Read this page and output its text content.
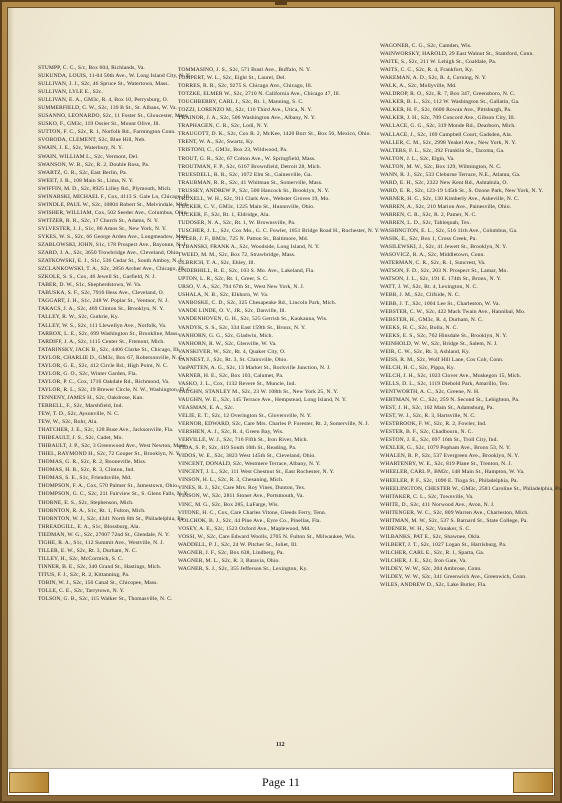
STUMPP, C. C., S/c, Box 604, Richlands, Va.
SUKUNDA, LOUIS, 11-04 50th Ave., W. Long Island City, N. Y.
SULLIVAN, J. J., S2c, 46 Spruce St., Watertown, Mass.
SULLIVAN, LYLE E., S2c.
SULLIVAN, E. A., GM3c, R. 4, Box 10, Perrysburg, O.
SUMMERFIELD, C. W., S2c, 139 B St., St. Albans, W. Va.
SUSANNO, LEONARDO, S2c, 11 Foster St., Gloucester, Mass.
SUSKO, F., GM3c, 119 Ossier St., Mount Olive, Ill.
SUTTON, F. C., S2c, R. 1, Norfolk Rd., Farmington Conn.
SVOBODA, CLEMENT, S2c, Blue Hill, Neb.
SWAIN, J. E., S2c, Waterbury, N. Y.
SWAIN, WILLIAM L., S2c, Vermont, Del.
SWANSON, W. B., S2c, R. 2, Double Ross, Pa.
SWARTZ, G. R., S2c, East Berlin, Pa.
SWEET, J. R., 108 Main St., Lima, N. Y.
SWIFFIN, M. D., S2c, 8925 Lilley Rd., Plymouth, Mich.
SWINARSKI, MICHAEL F., Cox, 4113 S. Gale Ln, Chicago, Ill.
SWINDLE, PAUL W., S2c, 10804 Robert St., Melvindale, Mich.
SWISHER, WILLIAM, Cox, 502 Seeder Ave., Columbus, Ohio.
SWITZER, R. R., S2c, 17 Church St., Adams, N. Y.
SYLVESTER, J. J., S1c, 86 Amos St., New York, N. Y.
SYKES, W. S., S2c, 66 George Arden Ave., Longmeadow, Mass.
SZABLOWSKI, JOHN, S1c, 178 Prospect Ave., Bayonne, N. J.
SZARD, J. A., S2c, 3650 Trowbridge Ave., Cleveland, Ohio.
SZATKOWSKI, E. J., S1c, 536 Cedar St., South Amboy, N. J.
SZCLANKOWSKI, T. A., S2c, 2856 Archer Ave., Chicago, Ill.
SZKOLE, S. S., Cox, 46 Jewell St., Garfield, N. J.
TABER, D. W., S1c, Shepherdstown, W. Va.
TABUSKA, S. F., S2c, 7916 Hess Ave., Cleveland, O.
TAGGART, J. H., S1c, 248 W. Poplar St., Ventnor, N. J.
TAKACS, J. A., S2c, 469 Clinton St., Brooklyn, N. Y.
TALLEY, R. W., S2c, Guthrie, Ky.
TALLEY, W. S., S2c, 111 Llewellyn Ave., Norfolk, Va.
TARBOX, L. E., S2c, 699 Washington St., Brookline, Mass.
TARDIFF, J. A., S2c, 1115 Center St., Fremont, Mich.
TATARINSKY, JACK B., S2c, 4406 Clarke St., Chicago, Ill.
TAYLOR, CHARLIE D., GM3c, Box 67, Robersonville, N. C.
TAYLOR, G. E., S2c, 412 Circle Rd., High Point, N. C.
TAYLOR, G. O., S2c, Winter Garden, Fla.
TAYLOR, P. C., Cox, 1716 Oakdale Rd., Richmond, Va.
TAYLOR, R. L., S2c, 19 Brewer Circle, N. W., Washington, D. C.
TENNENY, JAMES H., S2c, Oakdrose, Kan.
TERRELL, F., S2c, Marshfield, Ind.
TEW, T. D., S2c, Aysonville, N. C.
TEW, W., S2c, Rohr, Ala.
THATCHER, J. E., S2c, 128 Buse Ave., Jacksonville, Fla.
THIBEAULT, J. S., S2c, Cadet, Mo.
THIBAULT, J. P., S2c, 3 Greenwood Ave., West Newton, Mass.
THIEL, RAYMOND H., S2c, 72 Cooper St., Brooklyn, N. Y.
THOMAS, G. R., S2c, R. 2, Booneville, Miss.
THOMAS, H. B., S2c, R. 3, Clinton, Ind.
THOMAS, S. E., S1c, Friendsville, Md.
THOMPSON, F. A., Cox, 570 Palmer St., Jamestown, Ohio.
THOMPSON, G. C., S2c, 211 Fairview St., S. Glens Falls, N. Y.
THORNE, E. S., S2c, Stephenson, Mich.
THORNTON, R. A., S1c, Rt. 1, Fulton, Mich.
THORNTON, W. J., S2c, 4341 North 8th St., Philadelphia, Pa.
THREADGILL, E. A., S1c, Blossburg, Ala.
TIEDMAN, W. G., S2c, 27007 72nd St., Glendale, N. Y.
TIGHE, R. A., S1c, 112 Summit Ave., Westville, N. J.
TILLER, E. W., S2c, Rt. 3, Durham, N. C.
TILLEY, H., S2c, McCormick, S. C.
TINNER, B. E., S2c, 340 Grand St., Hastings, Mich.
TITUS, F. J., S2c, R. 2, Kittanning, Pa.
TOBIN, W. J., S2c, 156 Canal St., Chicopee, Mass.
TOLLE, C. E., S2c, Tarrytown, N. Y.
TOLSON, G. B., S2c, 115 Walker St., Thomasville, N. C.
TOMMASINO, J. S., S2c, 571 Busti Ave., Buffalo, N. Y.
TOMPERT, W. L., S2c, Eight St., Laurel, Del.
TORRES, R. R., S2c, 9275 S. Chicago Ave., Chicago, Ill.
TOTZKE, ELMER W., S2c, 2710 N. California Ave., Chicago 47, Ill.
TOUCHBERRY, CARL J., S2c, Rt. 1, Manning, S. C.
TOZZI, LORENZO M., S2c, 116 Third Ave., Utica, N. Y.
TRAINOR, J. A., S2c, 506 Washington Ave., Albany, N. Y.
TRAPHAGEN, C. R., S2c, Lodi, N. Y.
TRAUGOTT, D. K., S2c, Cox R. 2, McKee, 1420 Burr St., Box 56, Mexico, Ohio.
TRENT, W. A., S2c, Swartz, Ky.
TRISTONI, C., GM3c, Box 23, Wildwood, Pa.
TROUT, G. R., S2c, 67 Colton Ave., W. Springfield, Mass.
TROUTMAN, F. P., S2c, 6167 Brownfield, Detroit 28, Mich.
TRUESDELL, R. R., S2c, 1072 Elm St., Gainesville, Ga.
TRAUBMAN, R. R., S2c, 41 Whitman St., Somerville, Mass.
TRUSSEY, ANDREW P., S2c, 500 Hancock St., Brooklyn, N. Y.
TRUXELL, W. H., S2c, 911 Clark Ave., Webster Groves 19, Mo.
TUCKER, C. V., GM3c, 1225 Main St., Hunnnville, Ohio.
TUCKER, F., S2c, Rt. 1, Eldridge, Ala.
TUDOSER, N. A., S2c, Rt. 1, W. Brownsville, Pa.
TUSCHER, J. L., S2c, Cox Mo., G. C. Fowler, 1851 Bridge Road H., Rochester, N. Y.
TYLER, J. F., BM3c, 725 N. Patton St., Baltimore, Md.
TYBANSKI, FRANK A., S2c, Woodside, Long Island, N. Y.
TWEED, M. M., S2c, Box 72, Strawbridge, Mass.
ULBRICH, T. A., S2c, Ehley, Ill.
UNDERHILL, R. E., S2c, 103 S. Mo. Ave., Lakeland, Fla.
UPTON, L. R., S2c, Rt. 1, Greer, S. C.
URSO, V. A., S2c, 794 67th St., West New York, N. J.
USHALA, N. B., S2c, Elkhorn, W. Va.
VANBOSKE, C. D., S2c, 325 Chesapeake Rd., Lincoln Park, Mich.
VANDE LINDE, O. V., JR., S2c, Danville, Ill.
VANDENHOVEN, G. H., S2c, 525 Gerrish St., Kaukauna, Wis.
VANDYK, S. S., S2c, 334 East 159th St., Bronx, N. Y.
VANHORN, G. G., S2c, Gladwin, Mich.
VANHORN, R. W., S2c, Glenville, W. Va.
VANSKIVER, W., S2c, Rt. 4, Quaker City, O.
VANNEST, J., S2c, Rt. 3, St. Clairsville, Ohio.
VanPATTEN, A. G., S2c, 13 Market St., Rockville Junction, N. J.
VARNER, H. E., S2c, Box 103, Calumet, Pa.
VASKO, J. L., Cox, 1132 Revere St., Muncie, Ind.
VAUGHN, STANLEY M., S2c, 23 W. 108th St., New York 25, N. Y.
VAUGHN, W. E., S2c, 145 Terrace Ave., Hempstead, Long Island, N. Y.
VEASMAN, E. A., S2c.
VELIE, E. T., S2c, 12 Overington St., Gloversville, N. Y.
VERNOR, EDWARD, S2c, Care Mrs. Charles P. Forester, Rt. 2, Somerville, N. J.
VERSHEN, A. J., S2c, R. 4, Green Bay, Wis.
VERVILLE, W. J., S2c, 716 Fifth St., Iron River, Mich.
VIDA, S. P., S2c, 419 South 10th St., Reading, Pa.
VIDOS, W. E., S2c, 3823 West 145th St., Cleveland, Ohio.
VINCENT, DONALD, S2c, Westmere Terrace, Albany, N. Y.
VINCENT, J. L., S2c, 111 West Chestnut St., East Rochester, N. Y.
VINSON, H. L., S2c, R. 3, Chesaning, Mich.
VINES, R. J., S2c, Care Mrs. Roy Vines, Dunton, Tex.
VINSON, W., S2c, 2811 Stoner Ave., Portsmouth, Va.
VINC, M. G., S2c, Box 285, LaFarge, Wis.
VITONE, H. C., Cox, Care Charles Vitone, Gleeds Ferry, Tenn.
VOLCHOK, B. J., S2c, 44 Pine Ave., Eyre Co., Pinellas, Fla.
VOSEY, A. E., S2c, 1523 Oxford Ave., Maplewood, Md.
VOSSI, W., S2c, Care Edward Woolls, 2705 N. Fulton St., Milwaukee, Wis.
WADDELL, P. J., S2c, 24 W. Pitcher St., Joliet, Ill.
WAGNER, J. F., S2c, Box 638, Lindberg, Pa.
WAGNER, M. L., S2c, R. 3, Batavia, Ohio.
WAGNER, S. J., S2c, 355 Jefferson St., Lexington, Ky.
WAGONER, C. G., S2c, Camden, Wis.
WAINWORSKY, HAROLD, 29 East Walnut St., Stamford, Conn.
WAITE, S., S2c, 211 W. Lehigh St., Coaldale, Pa.
WAITS, C. C., S2c, R. 4, Frankfort, Ky.
WAKEMAN, A. D., S2c, R. 4, Corning, N. Y.
WALK, A., S2c, Mollyville, Md.
WALDROP, R. O., S2c, R. 7, Box 347, Greensboro, N. C.
WALKER, B. L., S2c, 112 W. Washington St., Gallatin, Ga.
WALKER, H. F., S2c, 6600 Rowan Ave., Pittsburgh, Pa.
WALKER, J. H., S2c, 709 Concord Ave., Gibson City, Ill.
WALLACE, G. G., S2c, 319 Monde Rd., Dearborn, Mich.
WALLACE, J., S2c, 169 Campbell Court, Gadsden, Ala.
WALLER, C. M., S2c, 2998 Yeakel Ave., New York, N. Y.
WALTERS, F. L., S2c, 392 Franklin St., Tacoma, Ga.
WALTON, J. L., S2c, Elgin, Va.
WALTON, M. W., S2c, Box 129, Wilmington, N. C.
WANN, R. J., S2c, 533 Cleburne Terrace, N.E., Atlanta, Ga.
WARD, E. H., S2c, 2322 New Kent Rd., Ashtabula, O.
WARD, E. R., S2c, 123-19 145th St., S. Ozone Park, New York, N. Y.
WARNER, H. C., S2c, 130 Kimberly Ave., Asheville, N. C.
WARREN, A., S2c, 210 Marion Ave., Painesville, Ohio.
WARREN, C. R., S2c, R. 2, Pamer, N. C.
WARREN, L. D., S2c, Tahlequah, Tex.
WASHINGTON, E. L., S2c, 516 11th Ave., Columbus, Ga.
WASIK, E., S2c, Box 1, Cross Creek, Pa.
WASILEWSKI, J., S2c, 41 Jewett St., Brooklyn, N. Y.
WASOVICZ, R. A., S2c, Middletown, Conn.
WATERMAN, C. R., S2c, R. 1, Suncrest, Va.
WATSON, F. D., S2c, 203 N. Prospect St., Lamar, Mo.
WATSON, J. L., S2c, 191 E. 174th St., Bronx, N. Y.
WATT, J. W., S2c, Rt. 4, Lexington, N. C.
WEBB, J. M., S2c, Clifside, N. C.
WEBB, J. T., S2c, 1004 Lee St., Charleston, W. Va.
WEBSTER, C. W., S2c, 422 Mack Twain Ave., Hannibal, Mo.
WEBSTER, H., GM3c, R. 4, Durham, N. C.
WEEKS, H. C., S2c, Bolla, N. C.
WEEKS, E. S., S2c, 762 Hinsdale St., Brooklyn, N. Y.
WEINHOLD, W. W., S2c, Bridge St., Salem, N. J.
WEIR, C. W., S2c, Rt. 3, Ashland, Ky.
WEISS, R. M., S2c, Wolf Hill Lane, Cos Cob, Conn.
WELCH, H. C., S2c, Pippa, Ky.
WELCH, J. H., S2c, 1023 Clover Ave., Muskegon 15, Mich.
WELLS, D. L., S2c, 1119 Diebold Park, Amarillo, Tex.
WENTWORTH, A. C., S2c, Greene, N. H.
WERTMAN, W. C., S2c, 259 N. Second St., Lehighton, Pa.
WEST, J. H., S2c, 102 Main St., Adamsburg, Pa.
WEST, W. J., S2c, R. 3, Hartsville, N. C.
WESTBROOK, F. W., S2c, R. 2, Fowler, Ind.
WESTER, B. F., S2c, Chadbourn, N. C.
WESTON, J. E., S2c, 697 16th St., Troll City, Ind.
WEXLER, G., S2c, 1079 Popham Ave., Bronx 53, N. Y.
WHALEN, R. P., S2c, 537 Evergreen Ave., Brooklyn, N. Y.
WHARTENBY, W. E., S2c, 819 Plane St., Trenton, N. J.
WHEELER, CARL P., BM2c, 148 Main St., Hampton, W. Va.
WHEELER, P. F., S2c, 1090 E. Tioga St., Philadelphia, Pa.
WHEELINGTON, CHESTER W., GM3c, 2581 Caroline St., Philadelphia, Pa.
WHITAKER, C. L., S2c, Townville, Va.
WHITE, D., S2c, 411 Norwood Ave., Avon, N. J.
WHITENGER, W. C., S2c, 809 Warren Ave., Charleston, Mich.
WHITMAN, M. W., S2c, 537 S. Barnard St., State College, Pa.
WIDENER, W. H., S2c, Vanaker, S. C.
WILBANKS, PAT E., S2c, Shawnee, Okla.
WILBERT, J. T., S2c, 1027 Logan St., Harrisburg, Pa.
WILCHER, CARL E., S2c, R. 1, Sparta, Ga.
WILCHER, J. E., S2c, Iron Gate, Va.
WILDEY, W. W., S2c, 204 Ambrose, Conn.
WILDEY, W. W., S2c, 341 Greenwich Ave., Greenwich, Conn.
WILES, ANDREW D., S2c, Lake Butler, Fla.
112
Page 11
